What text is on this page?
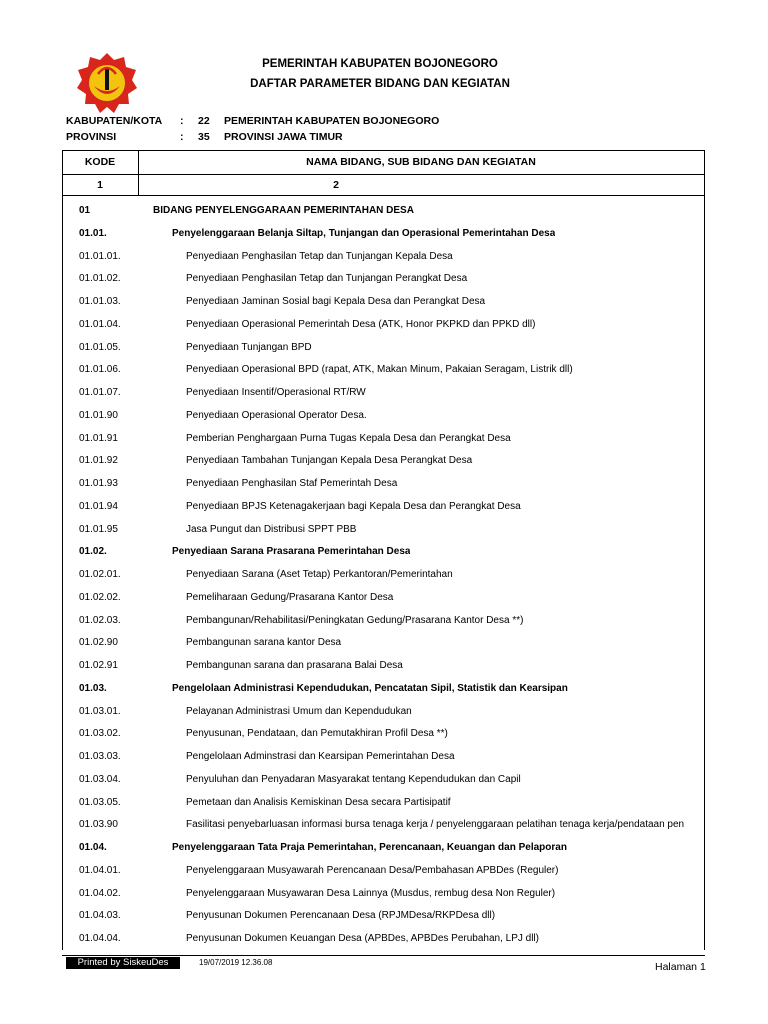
PEMERINTAH KABUPATEN BOJONEGORO
DAFTAR PARAMETER BIDANG DAN KEGIATAN
KABUPATEN/KOTA : 22 PEMERINTAH KABUPATEN BOJONEGORO
PROVINSI	: 35 PROVINSI JAWA TIMUR
KODE	NAMA BIDANG, SUB BIDANG DAN KEGIATAN
1	2
01	BIDANG PENYELENGGARAAN PEMERINTAHAN DESA
01.01.	Penyelenggaraan Belanja Siltap, Tunjangan dan Operasional Pemerintahan Desa
01.01.01.	Penyediaan Penghasilan Tetap dan Tunjangan Kepala Desa
01.01.02.	Penyediaan Penghasilan Tetap dan Tunjangan Perangkat Desa
01.01.03.	Penyediaan Jaminan Sosial bagi Kepala Desa dan Perangkat Desa
01.01.04.	Penyediaan Operasional Pemerintah Desa (ATK, Honor PKPKD dan PPKD dll)
01.01.05.	Penyediaan Tunjangan BPD
01.01.06.	Penyediaan Operasional BPD (rapat, ATK, Makan Minum, Pakaian Seragam, Listrik dll)
01.01.07.	Penyediaan Insentif/Operasional RT/RW
01.01.90	Penyediaan Operasional Operator Desa.
01.01.91	Pemberian Penghargaan Purna Tugas Kepala Desa dan Perangkat Desa
01.01.92	Penyediaan Tambahan Tunjangan Kepala Desa Perangkat Desa
01.01.93	Penyediaan Penghasilan Staf Pemerintah Desa
01.01.94	Penyediaan BPJS Ketenagakerjaan bagi Kepala Desa dan Perangkat Desa
01.01.95	Jasa Pungut dan Distribusi SPPT PBB
01.02.	Penyediaan Sarana Prasarana Pemerintahan Desa
01.02.01.	Penyediaan Sarana (Aset Tetap) Perkantoran/Pemerintahan
01.02.02.	Pemeliharaan Gedung/Prasarana Kantor Desa
01.02.03.	Pembangunan/Rehabilitasi/Peningkatan Gedung/Prasarana Kantor Desa **)
01.02.90	Pembangunan sarana kantor Desa
01.02.91	Pembangunan sarana dan prasarana Balai Desa
01.03.	Pengelolaan Administrasi Kependudukan, Pencatatan Sipil, Statistik dan Kearsipan
01.03.01.	Pelayanan Administrasi Umum dan Kependudukan
01.03.02.	Penyusunan, Pendataan, dan Pemutakhiran Profil Desa **)
01.03.03.	Pengelolaan Adminstrasi dan Kearsipan Pemerintahan Desa
01.03.04.	Penyuluhan dan Penyadaran Masyarakat tentang Kependudukan dan Capil
01.03.05.	Pemetaan dan Analisis Kemiskinan Desa secara Partisipatif
01.03.90	Fasilitasi penyebarluasan informasi bursa tenaga kerja / penyelenggaraan pelatihan tenaga kerja/pendataan pen
01.04.	Penyelenggaraan Tata Praja Pemerintahan, Perencanaan, Keuangan dan Pelaporan
01.04.01.	Penyelenggaraan Musyawarah Perencanaan Desa/Pembahasan APBDes (Reguler)
01.04.02.	Penyelenggaraan Musyawaran Desa Lainnya (Musdus, rembug desa Non Reguler)
01.04.03.	Penyusunan Dokumen Perencanaan Desa (RPJMDesa/RKPDesa dll)
01.04.04.	Penyusunan Dokumen Keuangan Desa (APBDes, APBDes Perubahan, LPJ dll)
Printed by SiskeuDes	19/07/2019 12.36.08	Halaman 1
